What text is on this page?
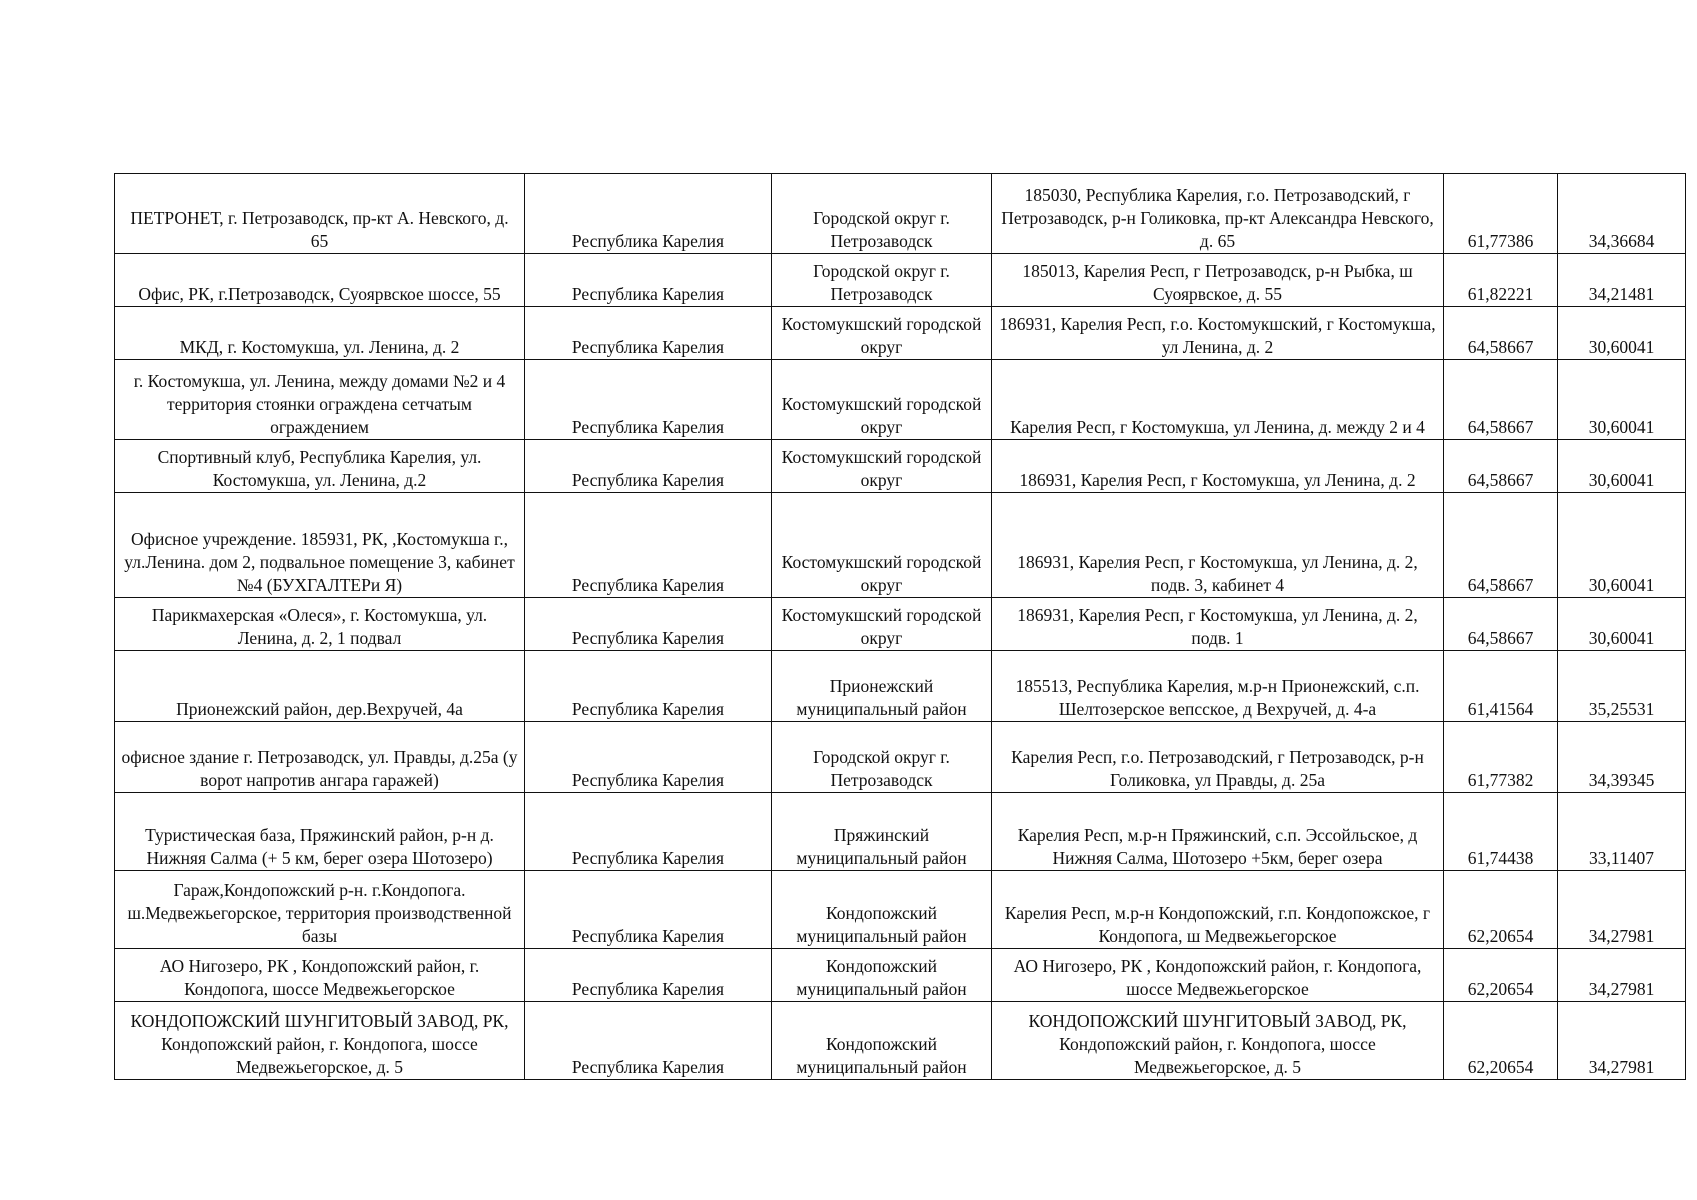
ПЕТРОНЕТ, г. Петрозаводск, пр-кт А. Невского, д. 65	Республика Карелия	Городской округ г. Петрозаводск	185030, Республика Карелия, г.о. Петрозаводский, г Петрозаводск, р-н Голиковка, пр-кт Александра Невского, д. 65	61,77386	34,36684
Офис, РК, г.Петрозаводск, Суоярвское шоссе, 55	Республика Карелия	Городской округ г. Петрозаводск	185013, Карелия Респ, г Петрозаводск, р-н Рыбка, ш Суоярвское, д. 55	61,82221	34,21481
МКД, г. Костомукша, ул. Ленина, д. 2	Республика Карелия	Костомукшский городской округ	186931, Карелия Респ, г.о. Костомукшский, г Костомукша, ул Ленина, д. 2	64,58667	30,60041
г. Костомукша, ул. Ленина, между домами №2 и 4 территория стоянки ограждена сетчатым ограждением	Республика Карелия	Костомукшский городской округ	Карелия Респ, г Костомукша, ул Ленина, д. между 2 и 4	64,58667	30,60041
Спортивный клуб, Республика Карелия, ул. Костомукша, ул. Ленина, д.2	Республика Карелия	Костомукшский городской округ	186931, Карелия Респ, г Костомукша, ул Ленина, д. 2	64,58667	30,60041
Офисное учреждение. 185931, РК, ,Костомукша г., ул.Ленина. дом 2, подвальное помещение 3, кабинет №4 (БУХГАЛТЕРи Я)	Республика Карелия	Костомукшский городской округ	186931, Карелия Респ, г Костомукша, ул Ленина, д. 2, подв. 3, кабинет 4	64,58667	30,60041
Парикмахерская «Олеся», г. Костомукша, ул. Ленина, д. 2, 1 подвал	Республика Карелия	Костомукшский городской округ	186931, Карелия Респ, г Костомукша, ул Ленина, д. 2, подв. 1	64,58667	30,60041
Прионежский район, дер.Вехручей, 4а	Республика Карелия	Прионежский муниципальный район	185513, Республика Карелия, м.р-н Прионежский, с.п. Шелтозерское вепсское, д Вехручей, д. 4-а	61,41564	35,25531
офисное здание г. Петрозаводск, ул. Правды, д.25а (у ворот напротив ангара гаражей)	Республика Карелия	Городской округ г. Петрозаводск	Карелия Респ, г.о. Петрозаводский, г Петрозаводск, р-н Голиковка, ул Правды, д. 25а	61,77382	34,39345
Туристическая база, Пряжинский район, р-н д. Нижняя Салма (+ 5 км, берег озера Шотозеро)	Республика Карелия	Пряжинский муниципальный район	Карелия Респ, м.р-н Пряжинский, с.п. Эссойльское, д Нижняя Салма, Шотозеро +5км, берег озера	61,74438	33,11407
Гараж,Кондопожский р-н. г.Кондопога. ш.Медвежьегорское, территория производственной базы	Республика Карелия	Кондопожский муниципальный район	Карелия Респ, м.р-н Кондопожский, г.п. Кондопожское, г Кондопога, ш Медвежьегорское	62,20654	34,27981
АО Нигозеро, РК , Кондопожский район, г. Кондопога, шоссе Медвежьегорское	Республика Карелия	Кондопожский муниципальный район	АО Нигозеро, РК , Кондопожский район, г. Кондопога, шоссе Медвежьегорское	62,20654	34,27981
КОНДОПОЖСКИЙ ШУНГИТОВЫЙ ЗАВОД, РК, Кондопожский район, г. Кондопога, шоссе Медвежьегорское, д. 5	Республика Карелия	Кондопожский муниципальный район	КОНДОПОЖСКИЙ ШУНГИТОВЫЙ ЗАВОД, РК, Кондопожский район, г. Кондопога, шоссе Медвежьегорское, д. 5	62,20654	34,27981
